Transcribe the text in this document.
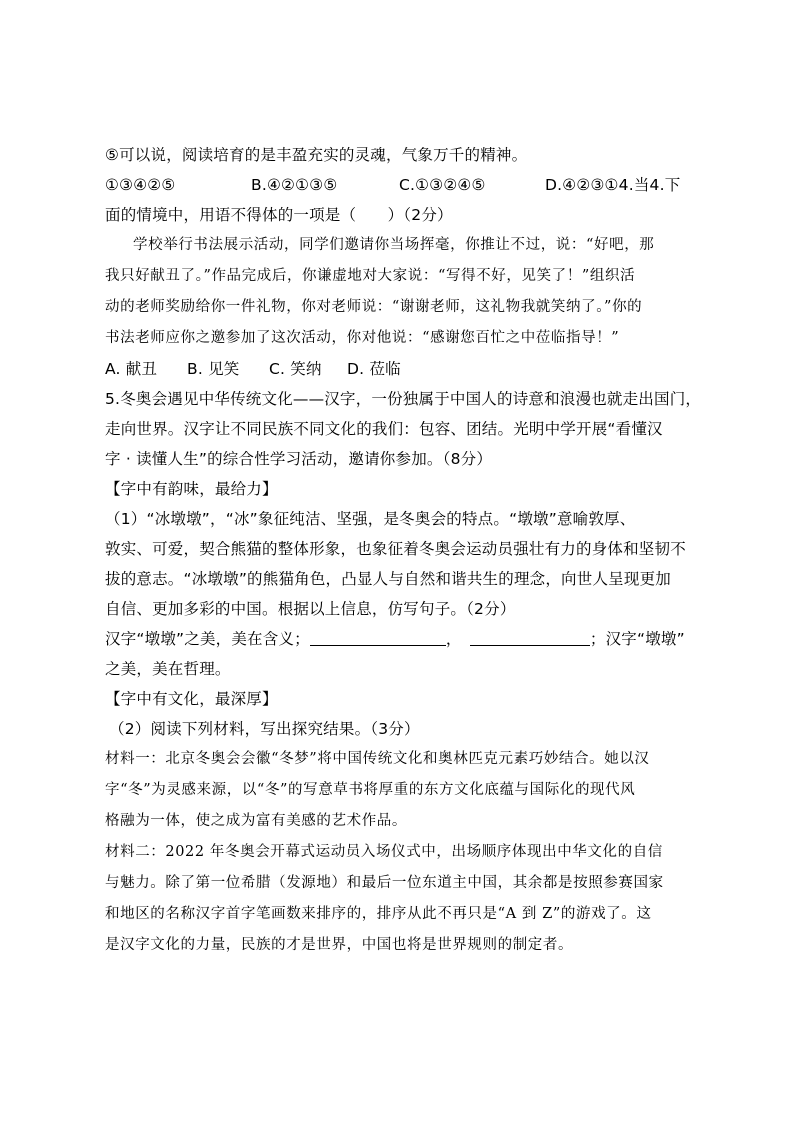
⑤可以说，阅读培育的是丰盈充实的灵魂，气象万千的精神。
①③④②⑤	B.④②①③⑤	C.①③②④⑤	D.④②③①4.当4.下
面的情境中，用语不得体的一项是（　　）（2分）
学校举行书法展示活动，同学们邀请你当场挥毫，你推让不过，说：“好吧，那
我只好献丑了。”作品完成后，你谦虚地对大家说：“写得不好，见笑了！”组织活
动的老师奖励给你一件礼物，你对老师说：“谢谢老师，这礼物我就笑纳了。”你的
书法老师应你之邀参加了这次活动，你对他说：“感谢您百忙之中莅临指导！”
A. 献丑 B. 见笑 C. 笑纳 D. 莅临
5.冬奥会遇见中华传统文化——汉字，一份独属于中国人的诗意和浪漫也就走出国门，
走向世界。汉字让不同民族不同文化的我们：包容、团结。光明中学开展“看懂汉
字 · 读懂人生”的综合性学习活动，邀请你参加。（8分）
【字中有韵味，最给力】
（1）“冰墩墩”，“冰”象征纯洁、坚强，是冬奥会的特点。“墩墩”意喻敦厚、
敦实、可爱，契合熊猫的整体形象，也象征着冬奥会运动员强壮有力的身体和坚韧不
拔的意志。“冰墩墩”的熊猫角色，凸显人与自然和谐共生的理念，向世人呈现更加
自信、更加多彩的中国。根据以上信息，仿写句子。（2分）
汉字“墩墩”之美，美在含义；	，	；汉字“墩墩”
之美，美在哲理。
【字中有文化，最深厚】
（2）阅读下列材料，写出探究结果。（3分）
材料一：北京冬奥会会徽“冬梦”将中国传统文化和奥林匹克元素巧妙结合。她以汉
字“冬”为灵感来源，以“冬”的写意草书将厚重的东方文化底蕴与国际化的现代风
格融为一体，使之成为富有美感的艺术作品。
材料二：2022 年冬奥会开幕式运动员入场仪式中，出场顺序体现出中华文化的自信
与魅力。除了第一位希腊（发源地）和最后一位东道主中国，其余都是按照参赛国家
和地区的名称汉字首字笔画数来排序的，排序从此不再只是“A 到 Z”的游戏了。这
是汉字文化的力量，民族的才是世界，中国也将是世界规则的制定者。
